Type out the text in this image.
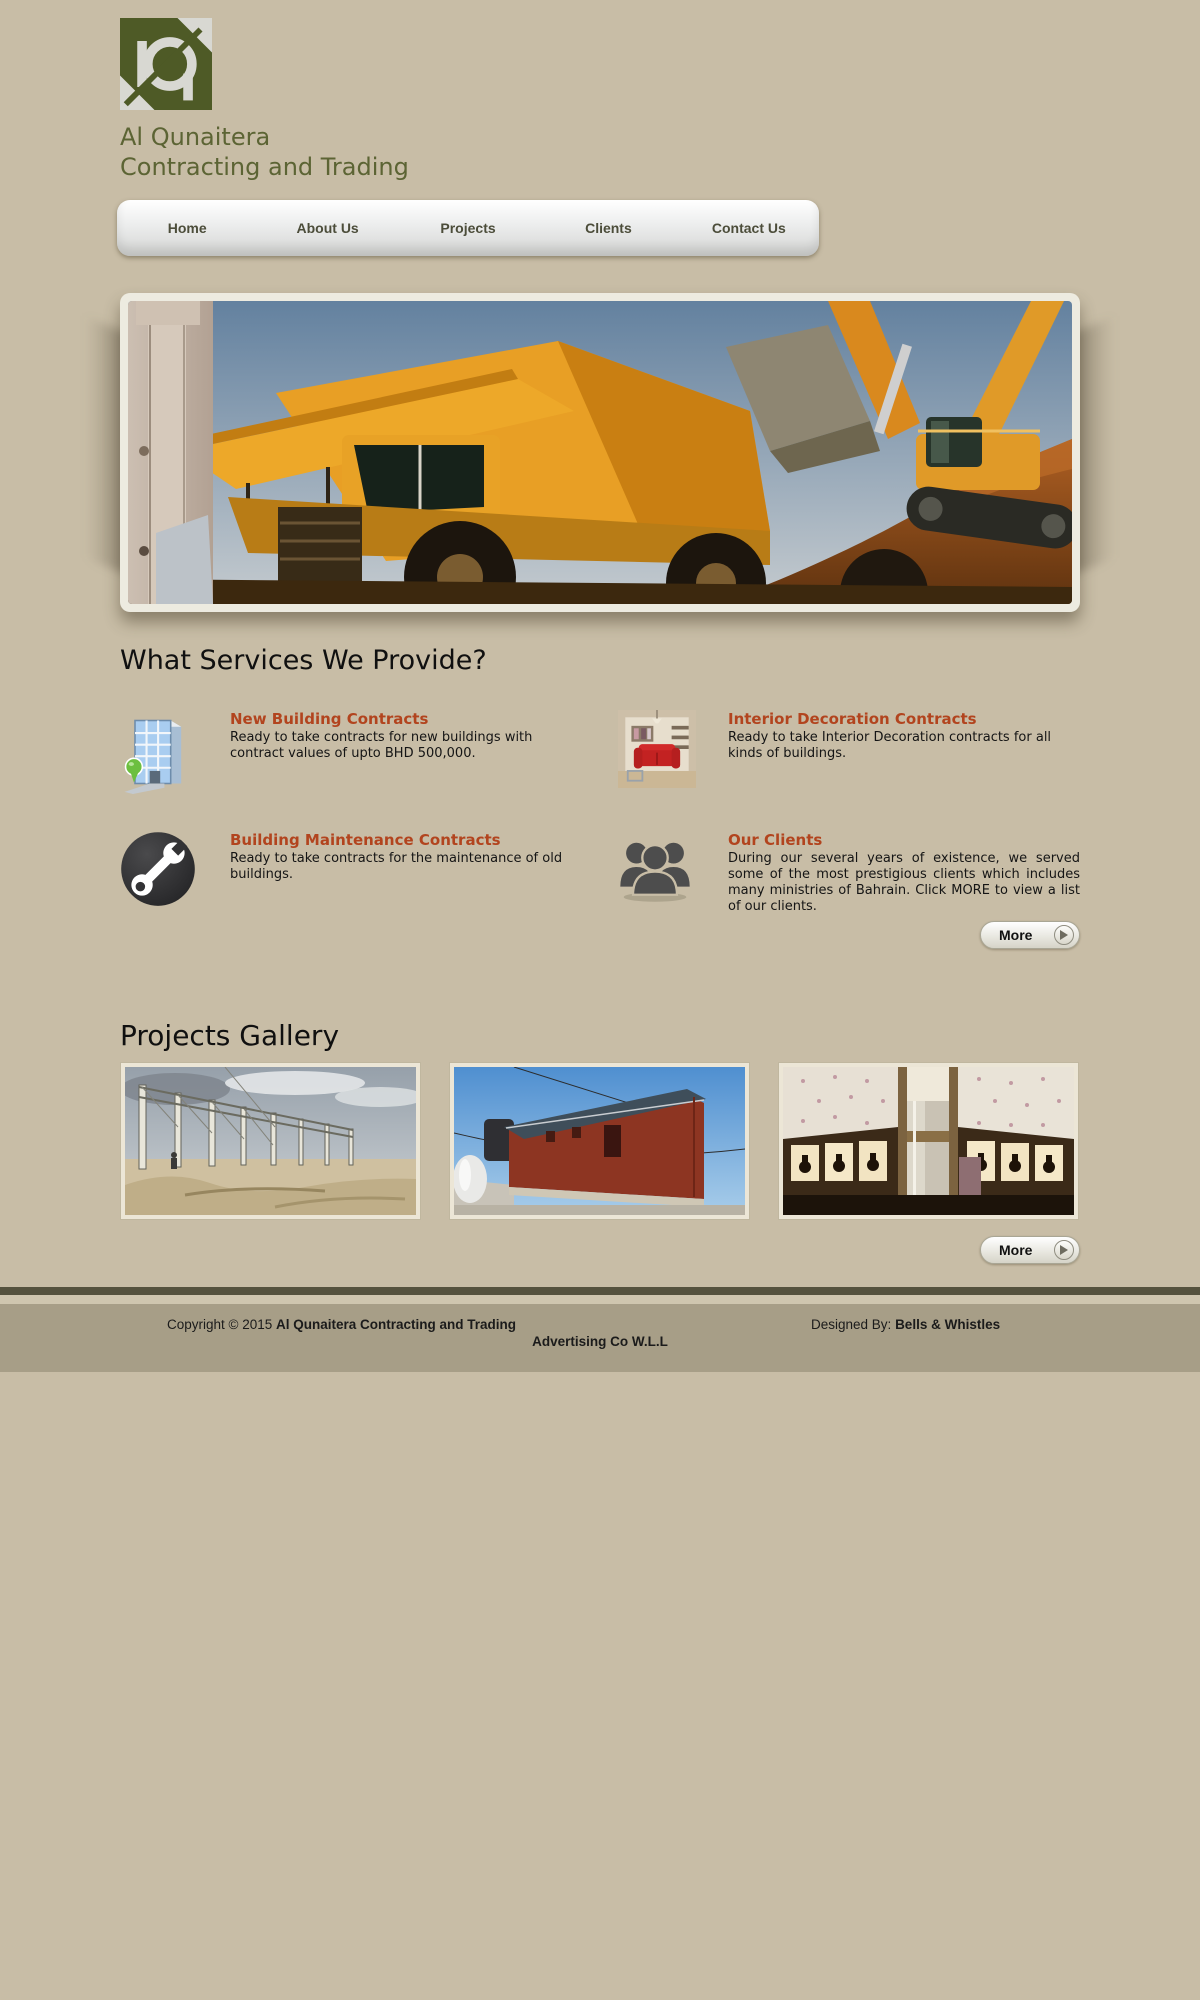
Al Qunaitera
Contracting and Trading
Home	About Us	Projects	Clients	Contact Us
What Services We Provide?
New Building Contracts
Ready to take contracts for new buildings with contract values of upto BHD 500,000.
Interior Decoration Contracts
Ready to take Interior Decoration contracts for all kinds of buildings.
Building Maintenance Contracts
Ready to take contracts for the maintenance of old buildings.
Our Clients
During our several years of existence, we served some of the most prestigious clients which includes many ministries of Bahrain. Click MORE to view a list of our clients.
More
Projects Gallery
More
Copyright © 2015 Al Qunaitera Contracting and Trading	Designed By: Bells & Whistles
Advertising Co W.L.L
